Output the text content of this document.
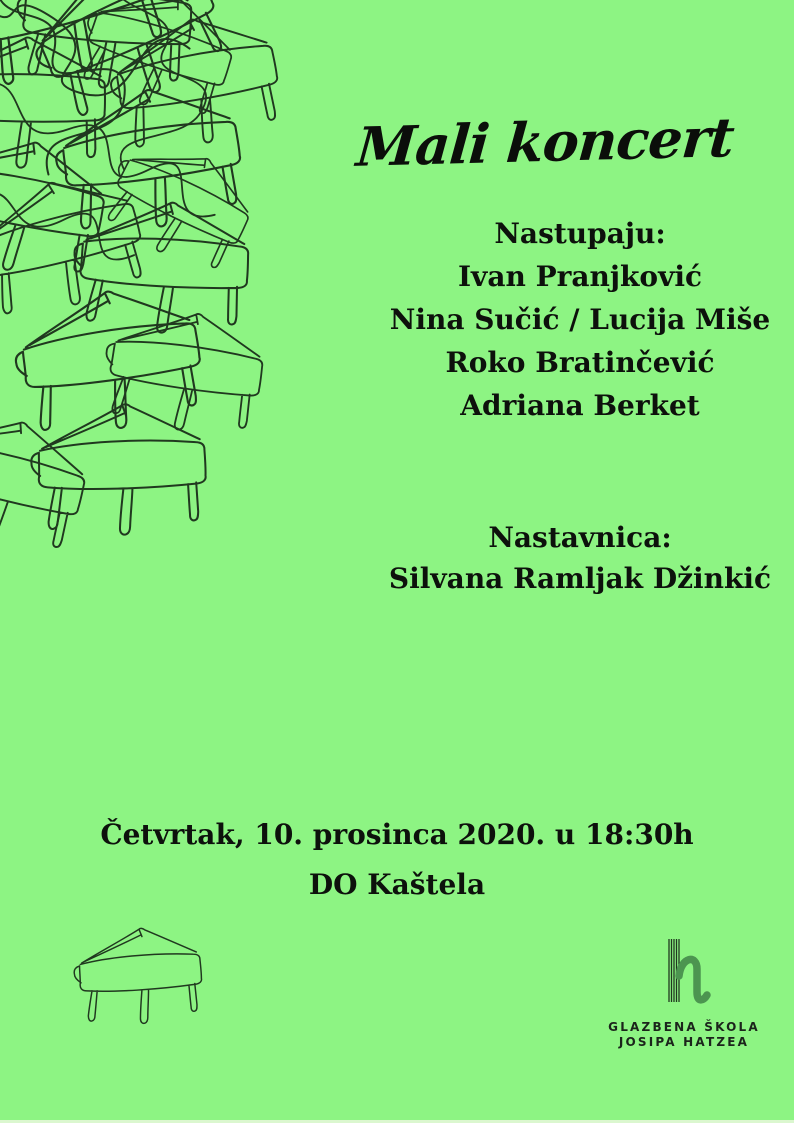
Mali koncert
Nastupaju:
Ivan Pranjković
Nina Sučić / Lucija Miše
Roko Bratinčević
Adriana Berket
Nastavnica:
Silvana Ramljak Džinkić
Četvrtak, 10. prosinca 2020. u 18:30h
DO Kaštela
GLAZBENA ŠKOLA
JOSIPA HATZEA
